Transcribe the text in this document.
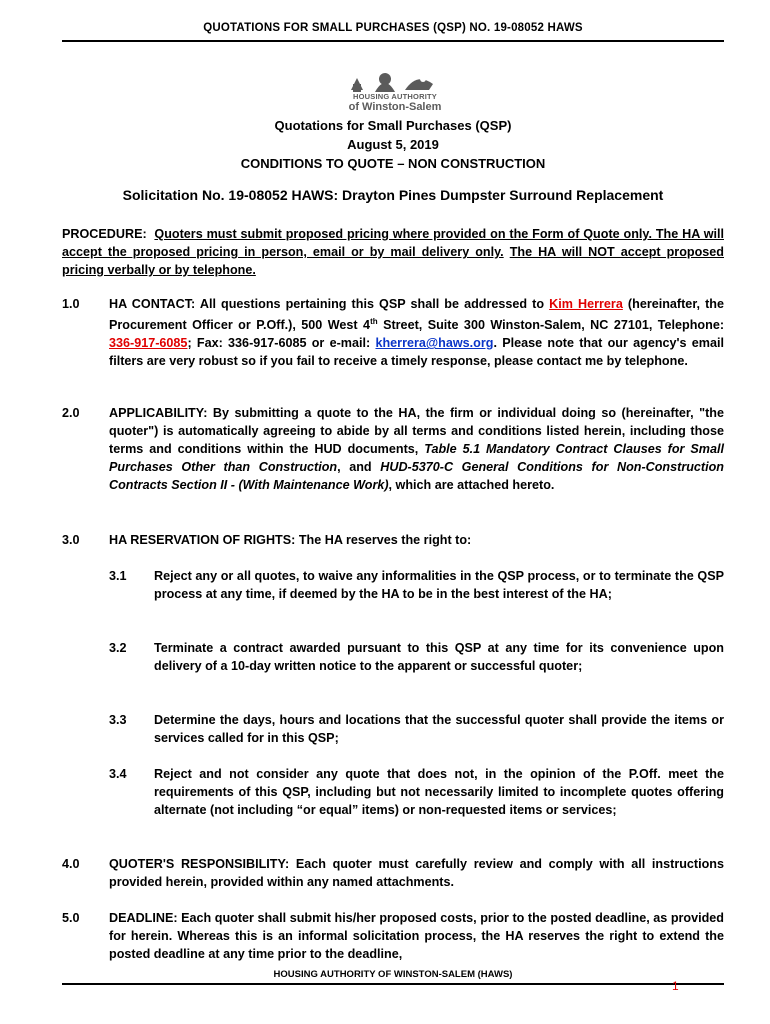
QUOTATIONS FOR SMALL PURCHASES (QSP) NO. 19-08052 HAWS
HOUSING AUTHORITY
of Winston-Salem
Quotations for Small Purchases (QSP)
August 5, 2019
CONDITIONS TO QUOTE – NON CONSTRUCTION
Solicitation No. 19-08052 HAWS: Drayton Pines Dumpster Surround Replacement
PROCEDURE: Quoters must submit proposed pricing where provided on the Form of Quote only. The HA will accept the proposed pricing in person, email or by mail delivery only. The HA will NOT accept proposed pricing verbally or by telephone.
1.0 HA CONTACT: All questions pertaining this QSP shall be addressed to Kim Herrera (hereinafter, the Procurement Officer or P.Off.), 500 West 4th Street, Suite 300 Winston-Salem, NC 27101, Telephone: 336-917-6085; Fax: 336-917-6085 or e-mail: kherrera@haws.org. Please note that our agency's email filters are very robust so if you fail to receive a timely response, please contact me by telephone.
2.0 APPLICABILITY: By submitting a quote to the HA, the firm or individual doing so (hereinafter, "the quoter") is automatically agreeing to abide by all terms and conditions listed herein, including those terms and conditions within the HUD documents, Table 5.1 Mandatory Contract Clauses for Small Purchases Other than Construction, and HUD-5370-C General Conditions for Non-Construction Contracts Section II - (With Maintenance Work), which are attached hereto.
3.0 HA RESERVATION OF RIGHTS: The HA reserves the right to:
3.1 Reject any or all quotes, to waive any informalities in the QSP process, or to terminate the QSP process at any time, if deemed by the HA to be in the best interest of the HA;
3.2 Terminate a contract awarded pursuant to this QSP at any time for its convenience upon delivery of a 10-day written notice to the apparent or successful quoter;
3.3 Determine the days, hours and locations that the successful quoter shall provide the items or services called for in this QSP;
3.4 Reject and not consider any quote that does not, in the opinion of the P.Off. meet the requirements of this QSP, including but not necessarily limited to incomplete quotes offering alternate (not including “or equal” items) or non-requested items or services;
4.0 QUOTER'S RESPONSIBILITY: Each quoter must carefully review and comply with all instructions provided herein, provided within any named attachments.
5.0 DEADLINE: Each quoter shall submit his/her proposed costs, prior to the posted deadline, as provided for herein. Whereas this is an informal solicitation process, the HA reserves the right to extend the posted deadline at any time prior to the deadline,
HOUSING AUTHORITY OF WINSTON-SALEM (HAWS)
1
